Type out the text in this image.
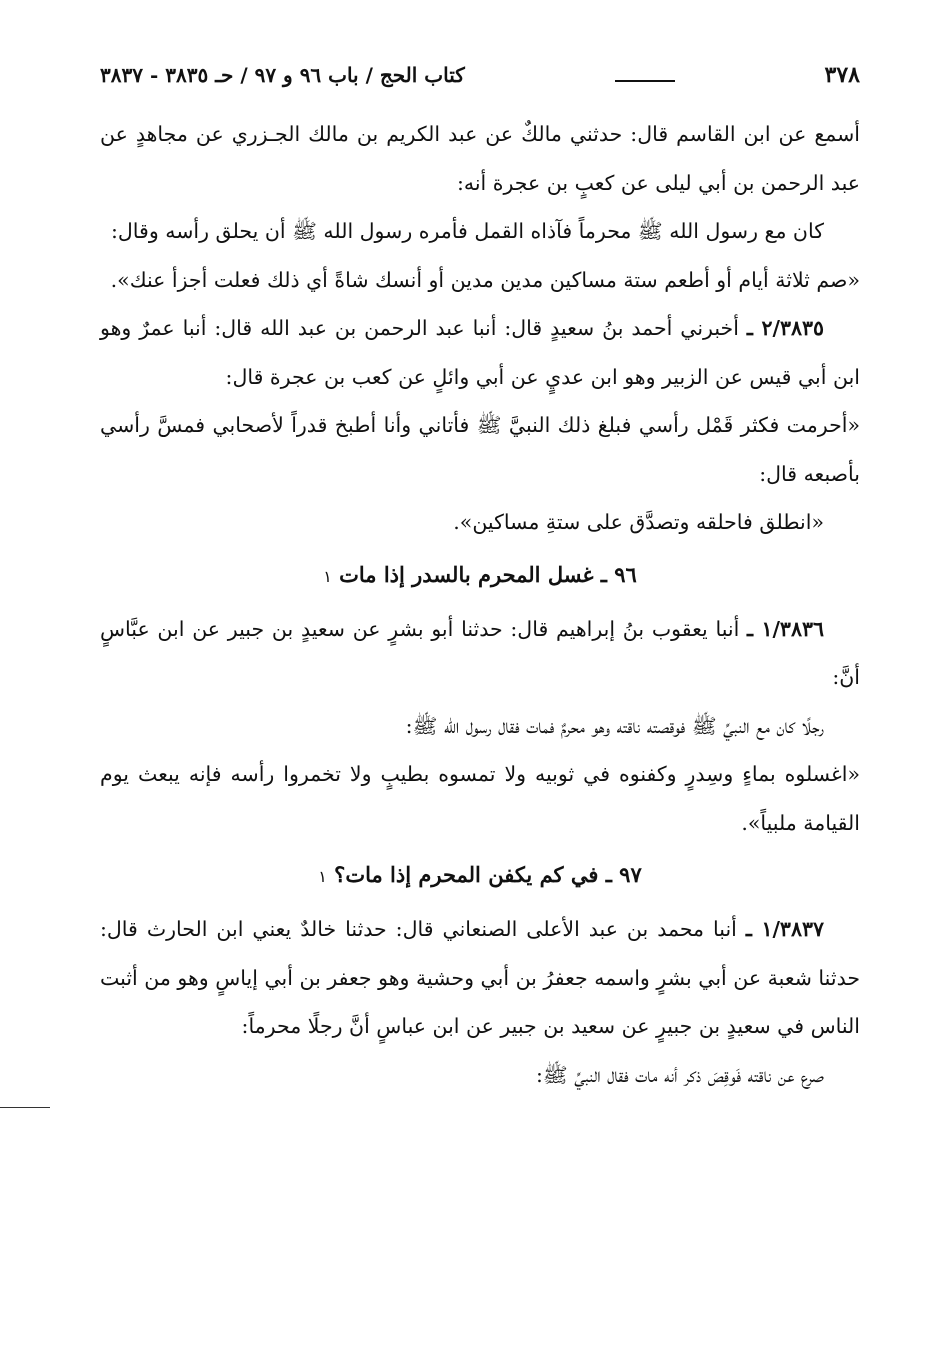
٣٧٨
كتاب الحج / باب ٩٦ و ٩٧ / حـ ٣٨٣٥ - ٣٨٣٧

أسمع عن ابن القاسم قال: حدثني مالكٌ عن عبد الكريم بن مالك الجـزري عن مجاهدٍ عن عبد الرحمن بن أبي ليلى عن كعبٍ بن عجرة أنه:

كان مع رسول الله ﷺ محرماً فآذاه القمل فأمره رسول الله ﷺ أن يحلق رأسه وقال:

«صم ثلاثة أيام أو أطعم ستة مساكين مدين مدين أو أنسك شاةً أي ذلك فعلت أجزأ عنك».

٢/٣٨٣٥ ـ أخبرني أحمد بنُ سعيدٍ قال: أنبا عبد الرحمن بن عبد الله قال: أنبا عمرٌ وهو ابن أبي قيس عن الزبير وهو ابن عديٍ عن أبي وائلٍ عن كعب بن عجرة قال:

«أحرمت فكثر قَمْل رأسي فبلغ ذلك النبيَّ ﷺ فأتاني وأنا أطبخ قدراً لأصحابي فمسَّ رأسي بأصبعه قال:

«انطلق فاحلقه وتصدَّق على ستةِ مساكين».

٩٦ ـ غسل المحرم بالسدر إذا مات ١

١/٣٨٣٦ ـ أنبا يعقوب بنُ إبراهيم قال: حدثنا أبو بشرٍ عن سعيدٍ بن جبير عن ابن عبَّاسٍ أنَّ:

رجلًا كان مع النبيِّ ﷺ فوقصته ناقته وهو محرمٌ فمات فقال رسول الله ﷺ:

«اغسلوه بماءٍ وسِدرٍ وكفنوه في ثوبيه ولا تمسوه بطيبٍ ولا تخمروا رأسه فإنه يبعث يوم القيامة ملبياً».

٩٧ ـ في كم يكفن المحرم إذا مات؟ ١

١/٣٨٣٧ ـ أنبا محمد بن عبد الأعلى الصنعاني قال: حدثنا خالدٌ يعني ابن الحارث قال: حدثنا شعبة عن أبي بشرٍ واسمه جعفرُ بن أبي وحشية وهو جعفر بن أبي إياسٍ وهو من أثبت الناس في سعيدٍ بن جبيرٍ عن سعيد بن جبير عن ابن عباسٍ أنَّ رجلًا محرماً:

صرع عن ناقته فَوقِصَ ذكر أنه مات فقال النبيِّ ﷺ:
